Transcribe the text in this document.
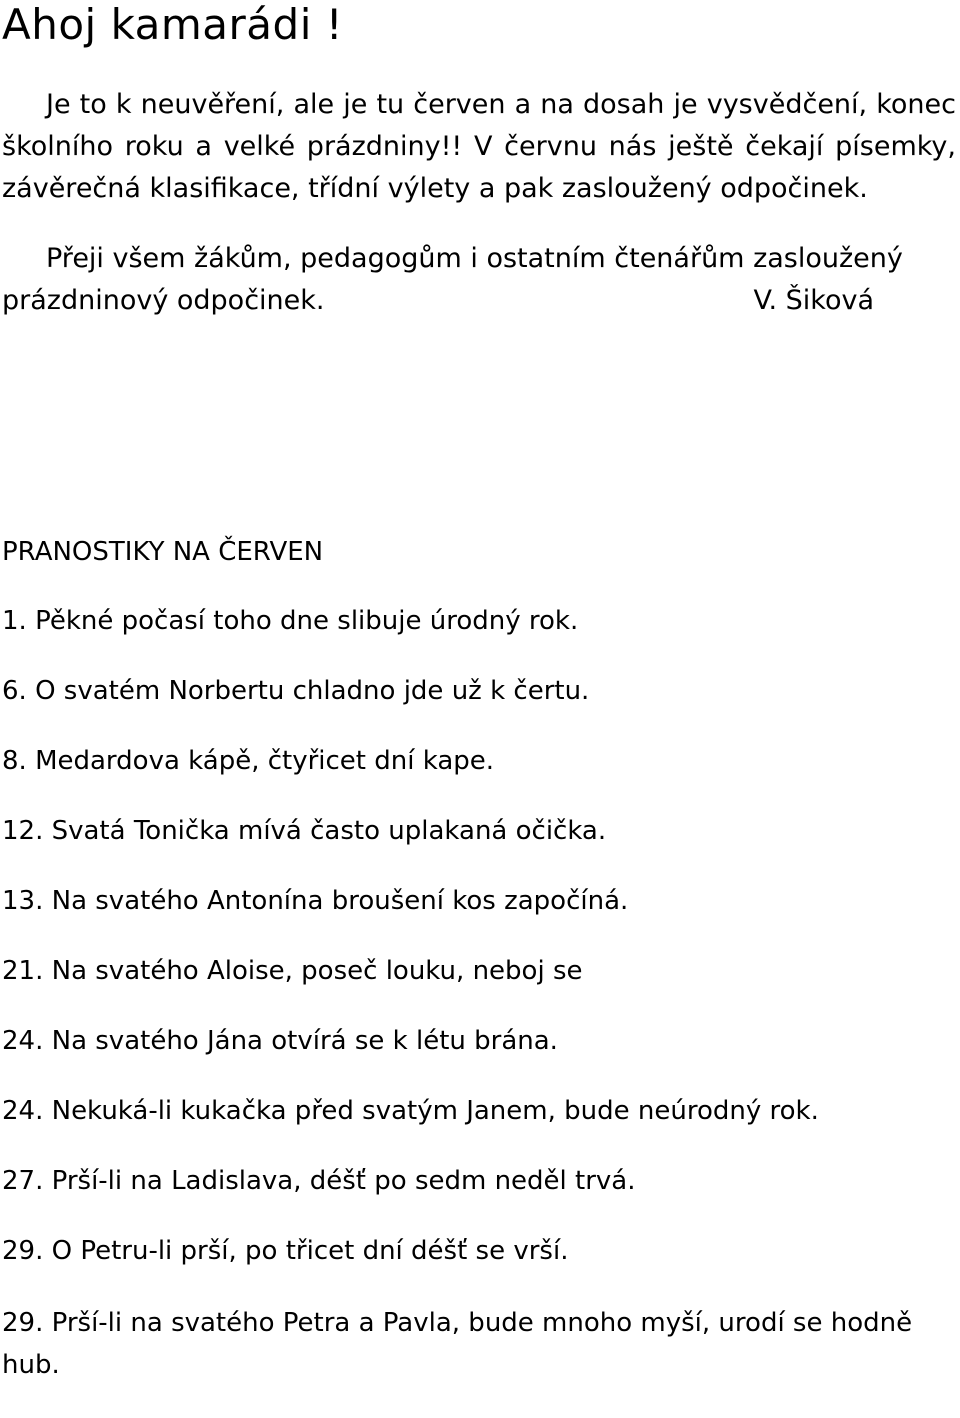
Ahoj kamarádi !

Je to k neuvěření, ale je tu červen a na dosah je vysvědčení, konec školního roku a velké prázdniny!! V červnu nás ještě čekají písemky, závěrečná klasifikace, třídní výlety a pak zasloužený odpočinek.

Přeji všem žákům, pedagogům i ostatním čtenářům zasloužený

prázdninový odpočinek.	V. Šiková
PRANOSTIKY NA ČERVEN
1. Pěkné počasí toho dne slibuje úrodný rok.
6. O svatém Norbertu chladno jde už k čertu.
8. Medardova kápě, čtyřicet dní kape.
12. Svatá Tonička mívá často uplakaná očička.
13. Na svatého Antonína broušení kos započíná.
21. Na svatého Aloise, poseč louku, neboj se
24. Na svatého Jána otvírá se k létu brána.
24. Nekuká-li kukačka před svatým Janem, bude neúrodný rok.
27. Prší-li na Ladislava, déšť po sedm neděl trvá.
29. O Petru-li prší, po třicet dní déšť se vrší.
29. Prší-li na svatého Petra a Pavla, bude mnoho myší, urodí se hodně hub.
